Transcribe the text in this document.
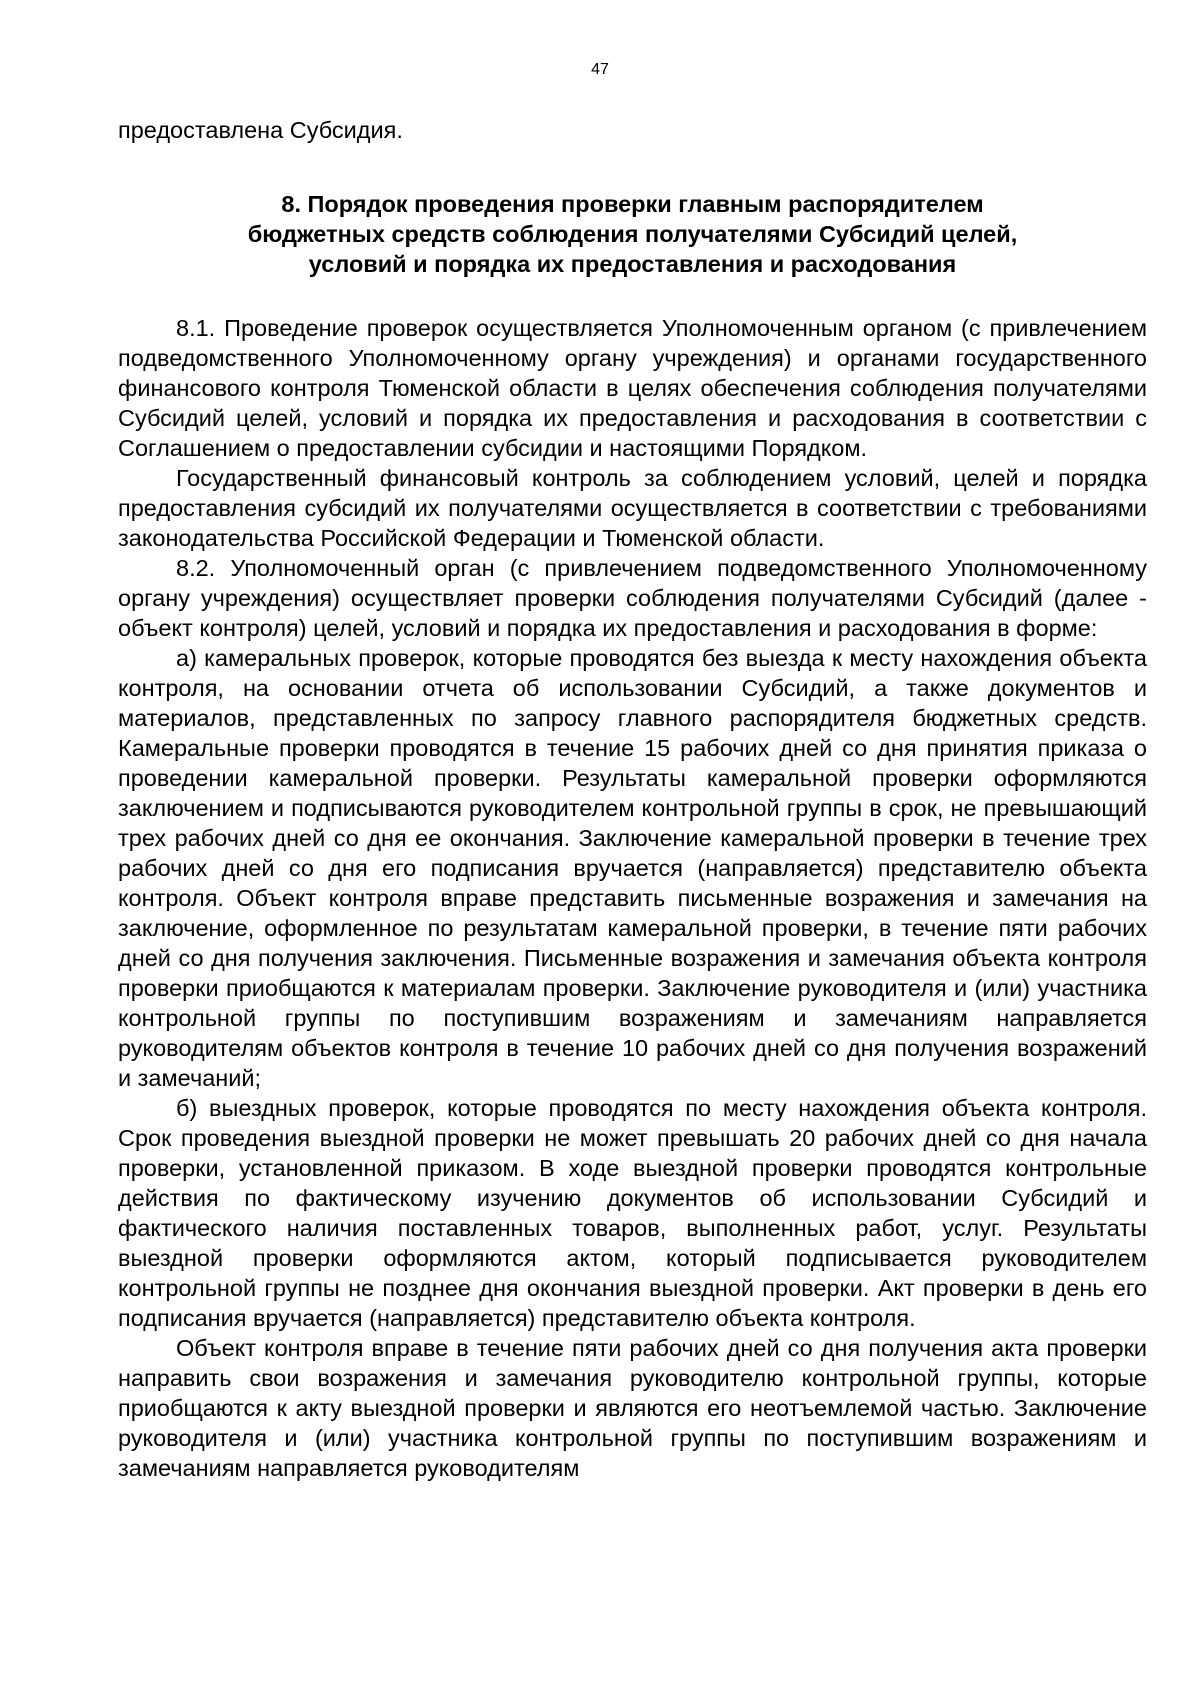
47

предоставлена Субсидия.

8. Порядок проведения проверки главным распорядителем
бюджетных средств соблюдения получателями Субсидий целей,
условий и порядка их предоставления и расходования

8.1. Проведение проверок осуществляется Уполномоченным органом (с привлечением подведомственного Уполномоченному органу учреждения) и органами государственного финансового контроля Тюменской области в целях обеспечения соблюдения получателями Субсидий целей, условий и порядка их предоставления и расходования в соответствии с Соглашением о предоставлении субсидии и настоящими Порядком.

Государственный финансовый контроль за соблюдением условий, целей и порядка предоставления субсидий их получателями осуществляется в соответствии с требованиями законодательства Российской Федерации и Тюменской области.

8.2. Уполномоченный орган (с привлечением подведомственного Уполномоченному органу учреждения) осуществляет проверки соблюдения получателями Субсидий (далее - объект контроля) целей, условий и порядка их предоставления и расходования в форме:

а) камеральных проверок, которые проводятся без выезда к месту нахождения объекта контроля, на основании отчета об использовании Субсидий, а также документов и материалов, представленных по запросу главного распорядителя бюджетных средств. Камеральные проверки проводятся в течение 15 рабочих дней со дня принятия приказа о проведении камеральной проверки. Результаты камеральной проверки оформляются заключением и подписываются руководителем контрольной группы в срок, не превышающий трех рабочих дней со дня ее окончания. Заключение камеральной проверки в течение трех рабочих дней со дня его подписания вручается (направляется) представителю объекта контроля. Объект контроля вправе представить письменные возражения и замечания на заключение, оформленное по результатам камеральной проверки, в течение пяти рабочих дней со дня получения заключения. Письменные возражения и замечания объекта контроля проверки приобщаются к материалам проверки. Заключение руководителя и (или) участника контрольной группы по поступившим возражениям и замечаниям направляется руководителям объектов контроля в течение 10 рабочих дней со дня получения возражений и замечаний;

б) выездных проверок, которые проводятся по месту нахождения объекта контроля. Срок проведения выездной проверки не может превышать 20 рабочих дней со дня начала проверки, установленной приказом. В ходе выездной проверки проводятся контрольные действия по фактическому изучению документов об использовании Субсидий и фактического наличия поставленных товаров, выполненных работ, услуг. Результаты выездной проверки оформляются актом, который подписывается руководителем контрольной группы не позднее дня окончания выездной проверки. Акт проверки в день его подписания вручается (направляется) представителю объекта контроля.

Объект контроля вправе в течение пяти рабочих дней со дня получения акта проверки направить свои возражения и замечания руководителю контрольной группы, которые приобщаются к акту выездной проверки и являются его неотъемлемой частью. Заключение руководителя и (или) участника контрольной группы по поступившим возражениям и замечаниям направляется руководителям
